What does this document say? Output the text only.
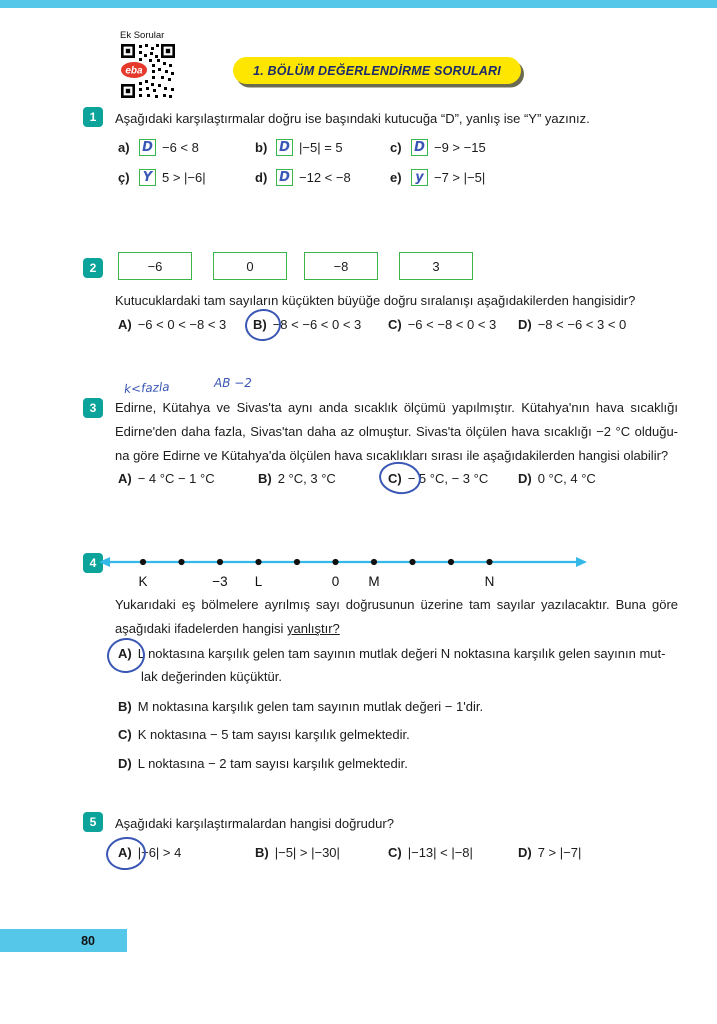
Ek Sorular
eba	1. BÖLÜM DEĞERLENDİRME SORULARI
1	Aşağıdaki karşılaştırmalar doğru ise başındaki kutucuğa “D”, yanlış ise “Y” yazınız.
a) D −6 < 8	b) D |−5| = 5	c) D −9 > −15
ç) Y 5 > |−6|	d) D −12 < −8	e) y −7 > |−5|
2	−6	0	−8	3
Kutucuklardaki tam sayıların küçükten büyüğe doğru sıralanışı aşağıdakilerden hangisidir?
A) −6 < 0 < −8 < 3 B) −8 < −6 < 0 < 3 C) −6 < −8 < 0 < 3 D) −8 < −6 < 3 < 0
3
k<fazla	AB −2
Edirne, Kütahya ve Sivas'ta aynı anda sıcaklık ölçümü yapılmıştır. Kütahya'nın hava sıcaklığı
Edirne'den daha fazla, Sivas'tan daha az olmuştur. Sivas'ta ölçülen hava sıcaklığı −2 °C olduğu-
na göre Edirne ve Kütahya'da ölçülen hava sıcaklıkları sırası ile aşağıdakilerden hangisi olabilir?
A) − 4 °C − 1 °C	B) 2 °C, 3 °C	C) − 5 °C, − 3 °C D) 0 °C, 4 °C
4
K	−3 L	0 M	N
Yukarıdaki eş bölmelere ayrılmış sayı doğrusunun üzerine tam sayılar yazılacaktır. Buna göre
aşağıdaki ifadelerden hangisi yanlıştır?
A) L noktasına karşılık gelen tam sayının mutlak değeri N noktasına karşılık gelen sayının mut-
lak değerinden küçüktür.
B) M noktasına karşılık gelen tam sayının mutlak değeri − 1'dir.
C) K noktasına − 5 tam sayısı karşılık gelmektedir.
D) L noktasına − 2 tam sayısı karşılık gelmektedir.
5	Aşağıdaki karşılaştırmalardan hangisi doğrudur?
A) |−6| > 4	B) |−5| > |−30|	C) |−13| < |−8|	D) 7 > |−7|
80
